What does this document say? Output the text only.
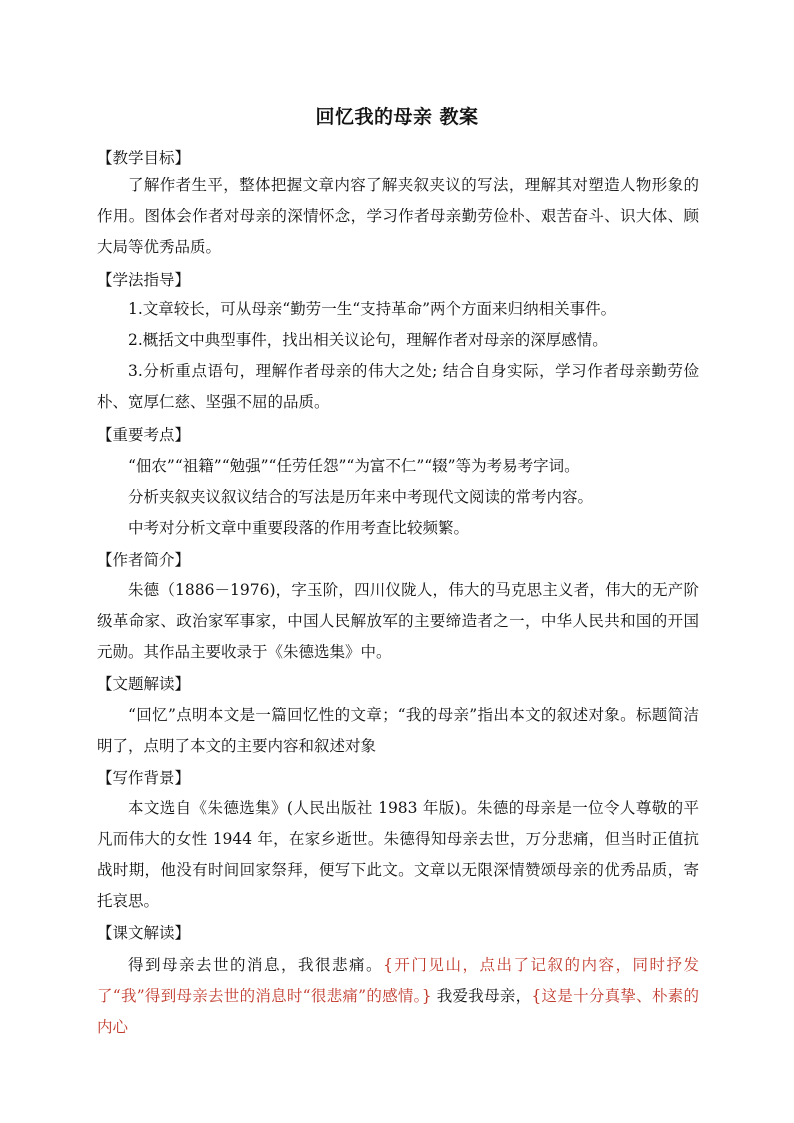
回忆我的母亲 教案
【教学目标】

了解作者生平，整体把握文章内容了解夹叙夹议的写法，理解其对塑造人物形象的作用。图体会作者对母亲的深情怀念，学习作者母亲勤劳俭朴、艰苦奋斗、识大体、顾大局等优秀品质。

【学法指导】

1.文章较长，可从母亲“勤劳一生“支持革命”两个方面来归纳相关事件。

2.概括文中典型事件，找出相关议论句，理解作者对母亲的深厚感情。

3.分析重点语句，理解作者母亲的伟大之处; 结合自身实际，学习作者母亲勤劳俭朴、宽厚仁慈、坚强不屈的品质。

【重要考点】

“佃农”“祖籍”“勉强”“任劳任怨”“为富不仁”“辍”等为考易考字词。

分析夹叙夹议叙议结合的写法是历年来中考现代文阅读的常考内容。

中考对分析文章中重要段落的作用考查比较频繁。

【作者简介】

朱德（1886－1976)，字玉阶，四川仪陇人，伟大的马克思主义者，伟大的无产阶级革命家、政治家军事家，中国人民解放军的主要缔造者之一，中华人民共和国的开国元勋。其作品主要收录于《朱德选集》中。

【文题解读】

“回忆”点明本文是一篇回忆性的文章；“我的母亲”指出本文的叙述对象。标题简洁明了，点明了本文的主要内容和叙述对象

【写作背景】

本文选自《朱德选集》(人民出版社 1983 年版)。朱德的母亲是一位令人尊敬的平凡而伟大的女性 1944 年，在家乡逝世。朱德得知母亲去世，万分悲痛，但当时正值抗战时期，他没有时间回家祭拜，便写下此文。文章以无限深情赞颂母亲的优秀品质，寄托哀思。

【课文解读】

得到母亲去世的消息，我很悲痛。{开门见山，点出了记叙的内容，同时抒发了“我”得到母亲去世的消息时“很悲痛”的感情。} 我爱我母亲，{这是十分真挚、朴素的内心
